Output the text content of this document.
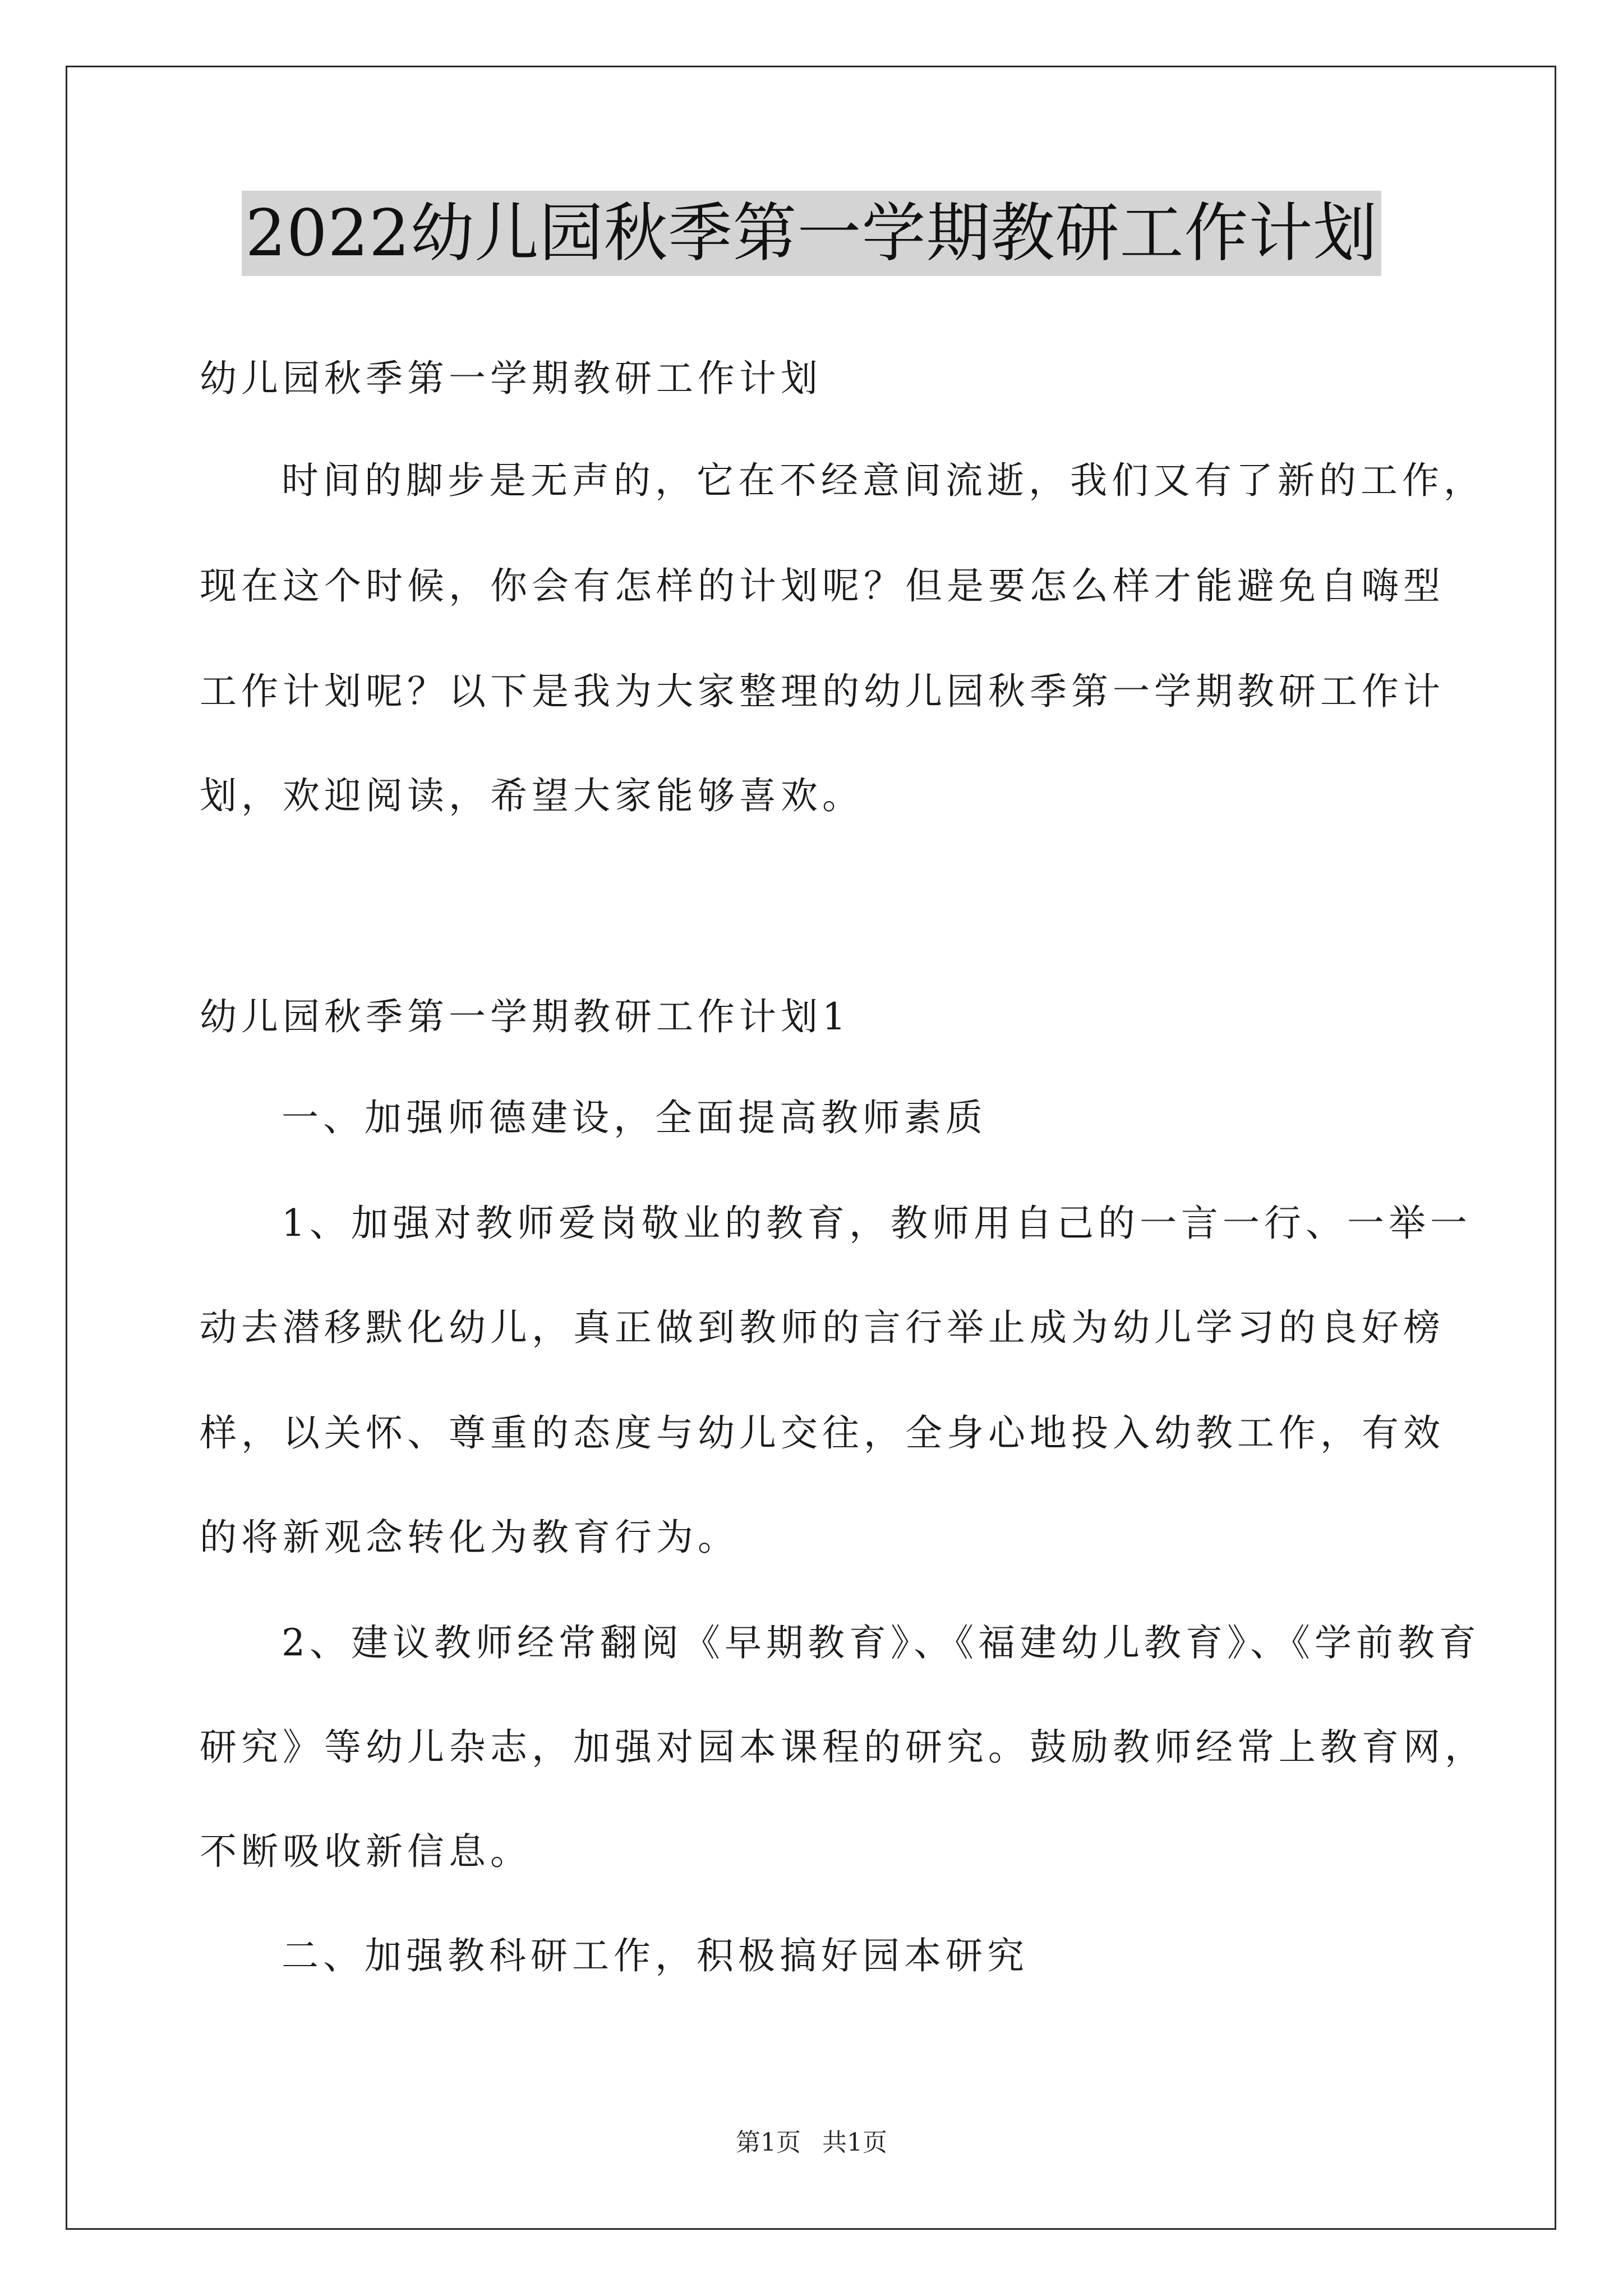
2022幼儿园秋季第一学期教研工作计划
幼儿园秋季第一学期教研工作计划
时间的脚步是无声的，它在不经意间流逝，我们又有了新的工作，
现在这个时候，你会有怎样的计划呢？但是要怎么样才能避免自嗨型
工作计划呢？以下是我为大家整理的幼儿园秋季第一学期教研工作计
划，欢迎阅读，希望大家能够喜欢。
幼儿园秋季第一学期教研工作计划1
一、加强师德建设，全面提高教师素质
1、加强对教师爱岗敬业的教育，教师用自己的一言一行、一举一
动去潜移默化幼儿，真正做到教师的言行举止成为幼儿学习的良好榜
样，以关怀、尊重的态度与幼儿交往，全身心地投入幼教工作，有效
的将新观念转化为教育行为。
2、建议教师经常翻阅《早期教育》、《福建幼儿教育》、《学前教育
研究》等幼儿杂志，加强对园本课程的研究。鼓励教师经常上教育网，
不断吸收新信息。
二、加强教科研工作，积极搞好园本研究
第1页 共1页
